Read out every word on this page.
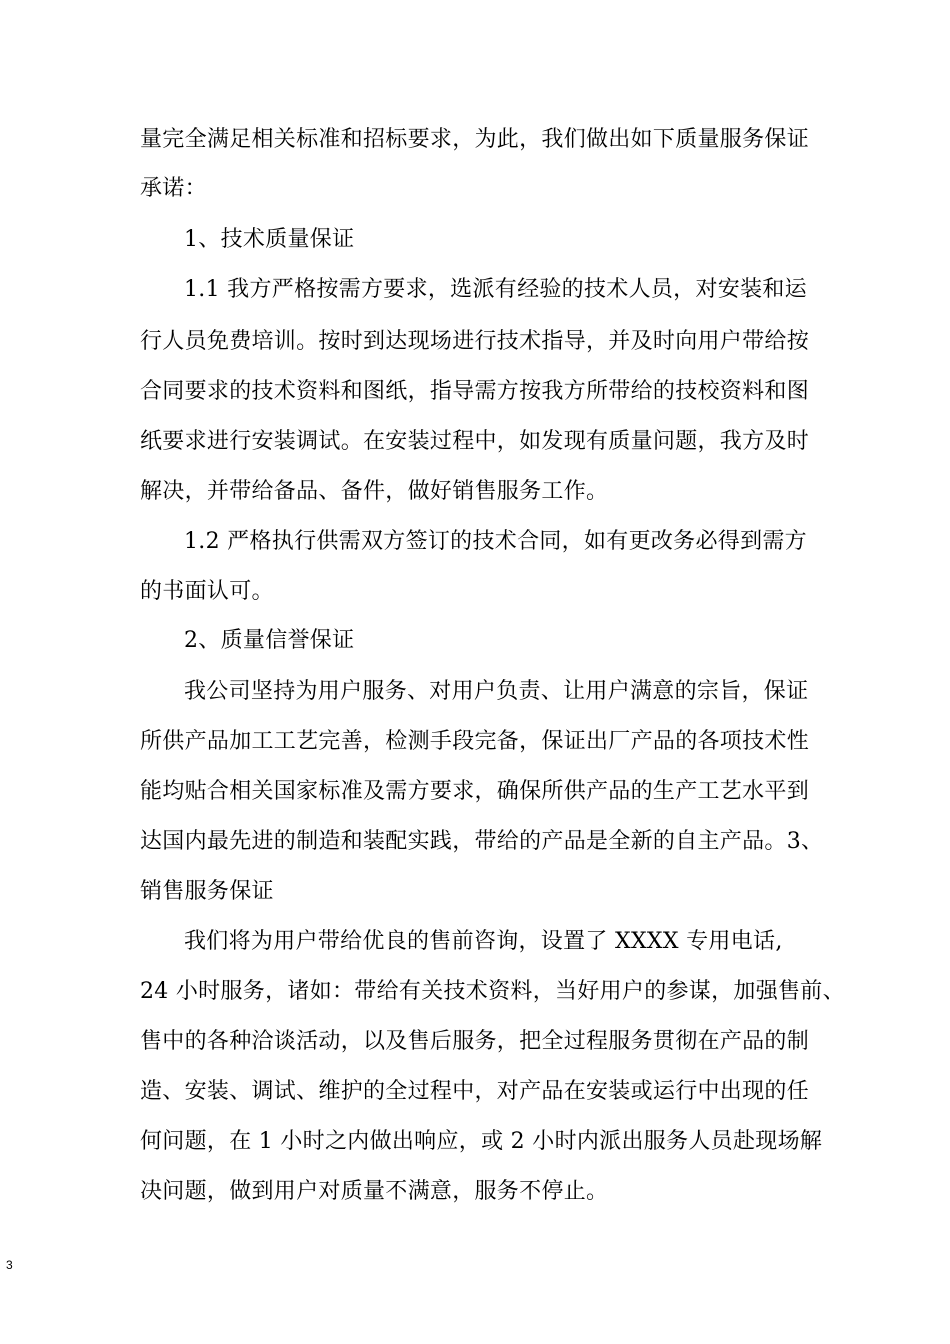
量完全满足相关标准和招标要求，为此，我们做出如下质量服务保证
承诺：
1、技术质量保证
1.1 我方严格按需方要求，选派有经验的技术人员，对安装和运
行人员免费培训。按时到达现场进行技术指导，并及时向用户带给按
合同要求的技术资料和图纸，指导需方按我方所带给的技校资料和图
纸要求进行安装调试。在安装过程中，如发现有质量问题，我方及时
解决，并带给备品、备件，做好销售服务工作。
1.2 严格执行供需双方签订的技术合同，如有更改务必得到需方
的书面认可。
2、质量信誉保证
我公司坚持为用户服务、对用户负责、让用户满意的宗旨，保证
所供产品加工工艺完善，检测手段完备，保证出厂产品的各项技术性
能均贴合相关国家标准及需方要求，确保所供产品的生产工艺水平到
达国内最先进的制造和装配实践，带给的产品是全新的自主产品。3、
销售服务保证
我们将为用户带给优良的售前咨询，设置了 XXXX 专用电话,
24 小时服务，诸如：带给有关技术资料，当好用户的参谋，加强售前、
售中的各种洽谈活动，以及售后服务，把全过程服务贯彻在产品的制
造、安装、调试、维护的全过程中，对产品在安装或运行中出现的任
何问题，在 1 小时之内做出响应，或 2 小时内派出服务人员赴现场解
决问题，做到用户对质量不满意，服务不停止。
3
